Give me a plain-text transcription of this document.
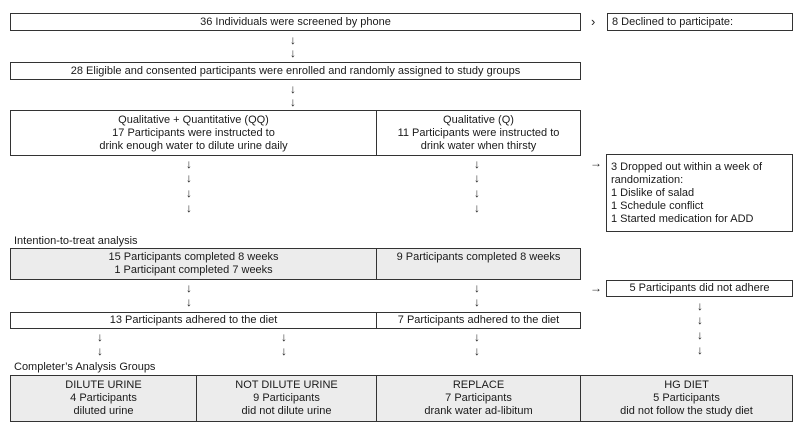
36 Individuals were screened by phone	› 8 Declined to participate:
↓
↓
28 Eligible and consented participants were enrolled and randomly assigned to study groups
↓
↓
Qualitative + Quantitative (QQ)
17 Participants were instructed to
drink enough water to dilute urine daily
Qualitative (Q)
11 Participants were instructed to
drink water when thirsty
→ 3 Dropped out within a week of
randomization:
1 Dislike of salad
1 Schedule conflict
1 Started medication for ADD
↓
↓
↓
↓
↓
↓
↓
↓
Intention-to-treat analysis
15 Participants completed 8 weeks
1 Participant completed 7 weeks
9 Participants completed 8 weeks
→ 5 Participants did not adhere
↓
↓
↓
↓
13 Participants adhered to the diet	7 Participants adhered to the diet
↓
↓
↓
↓
↓
↓
↓
↓
↓
↓
Completer’s Analysis Groups
DILUTE URINE
4 Participants
diluted urine
NOT DILUTE URINE
9 Participants
did not dilute urine
REPLACE
7 Participants
drank water ad-libitum
HG DIET
5 Participants
did not follow the study diet
